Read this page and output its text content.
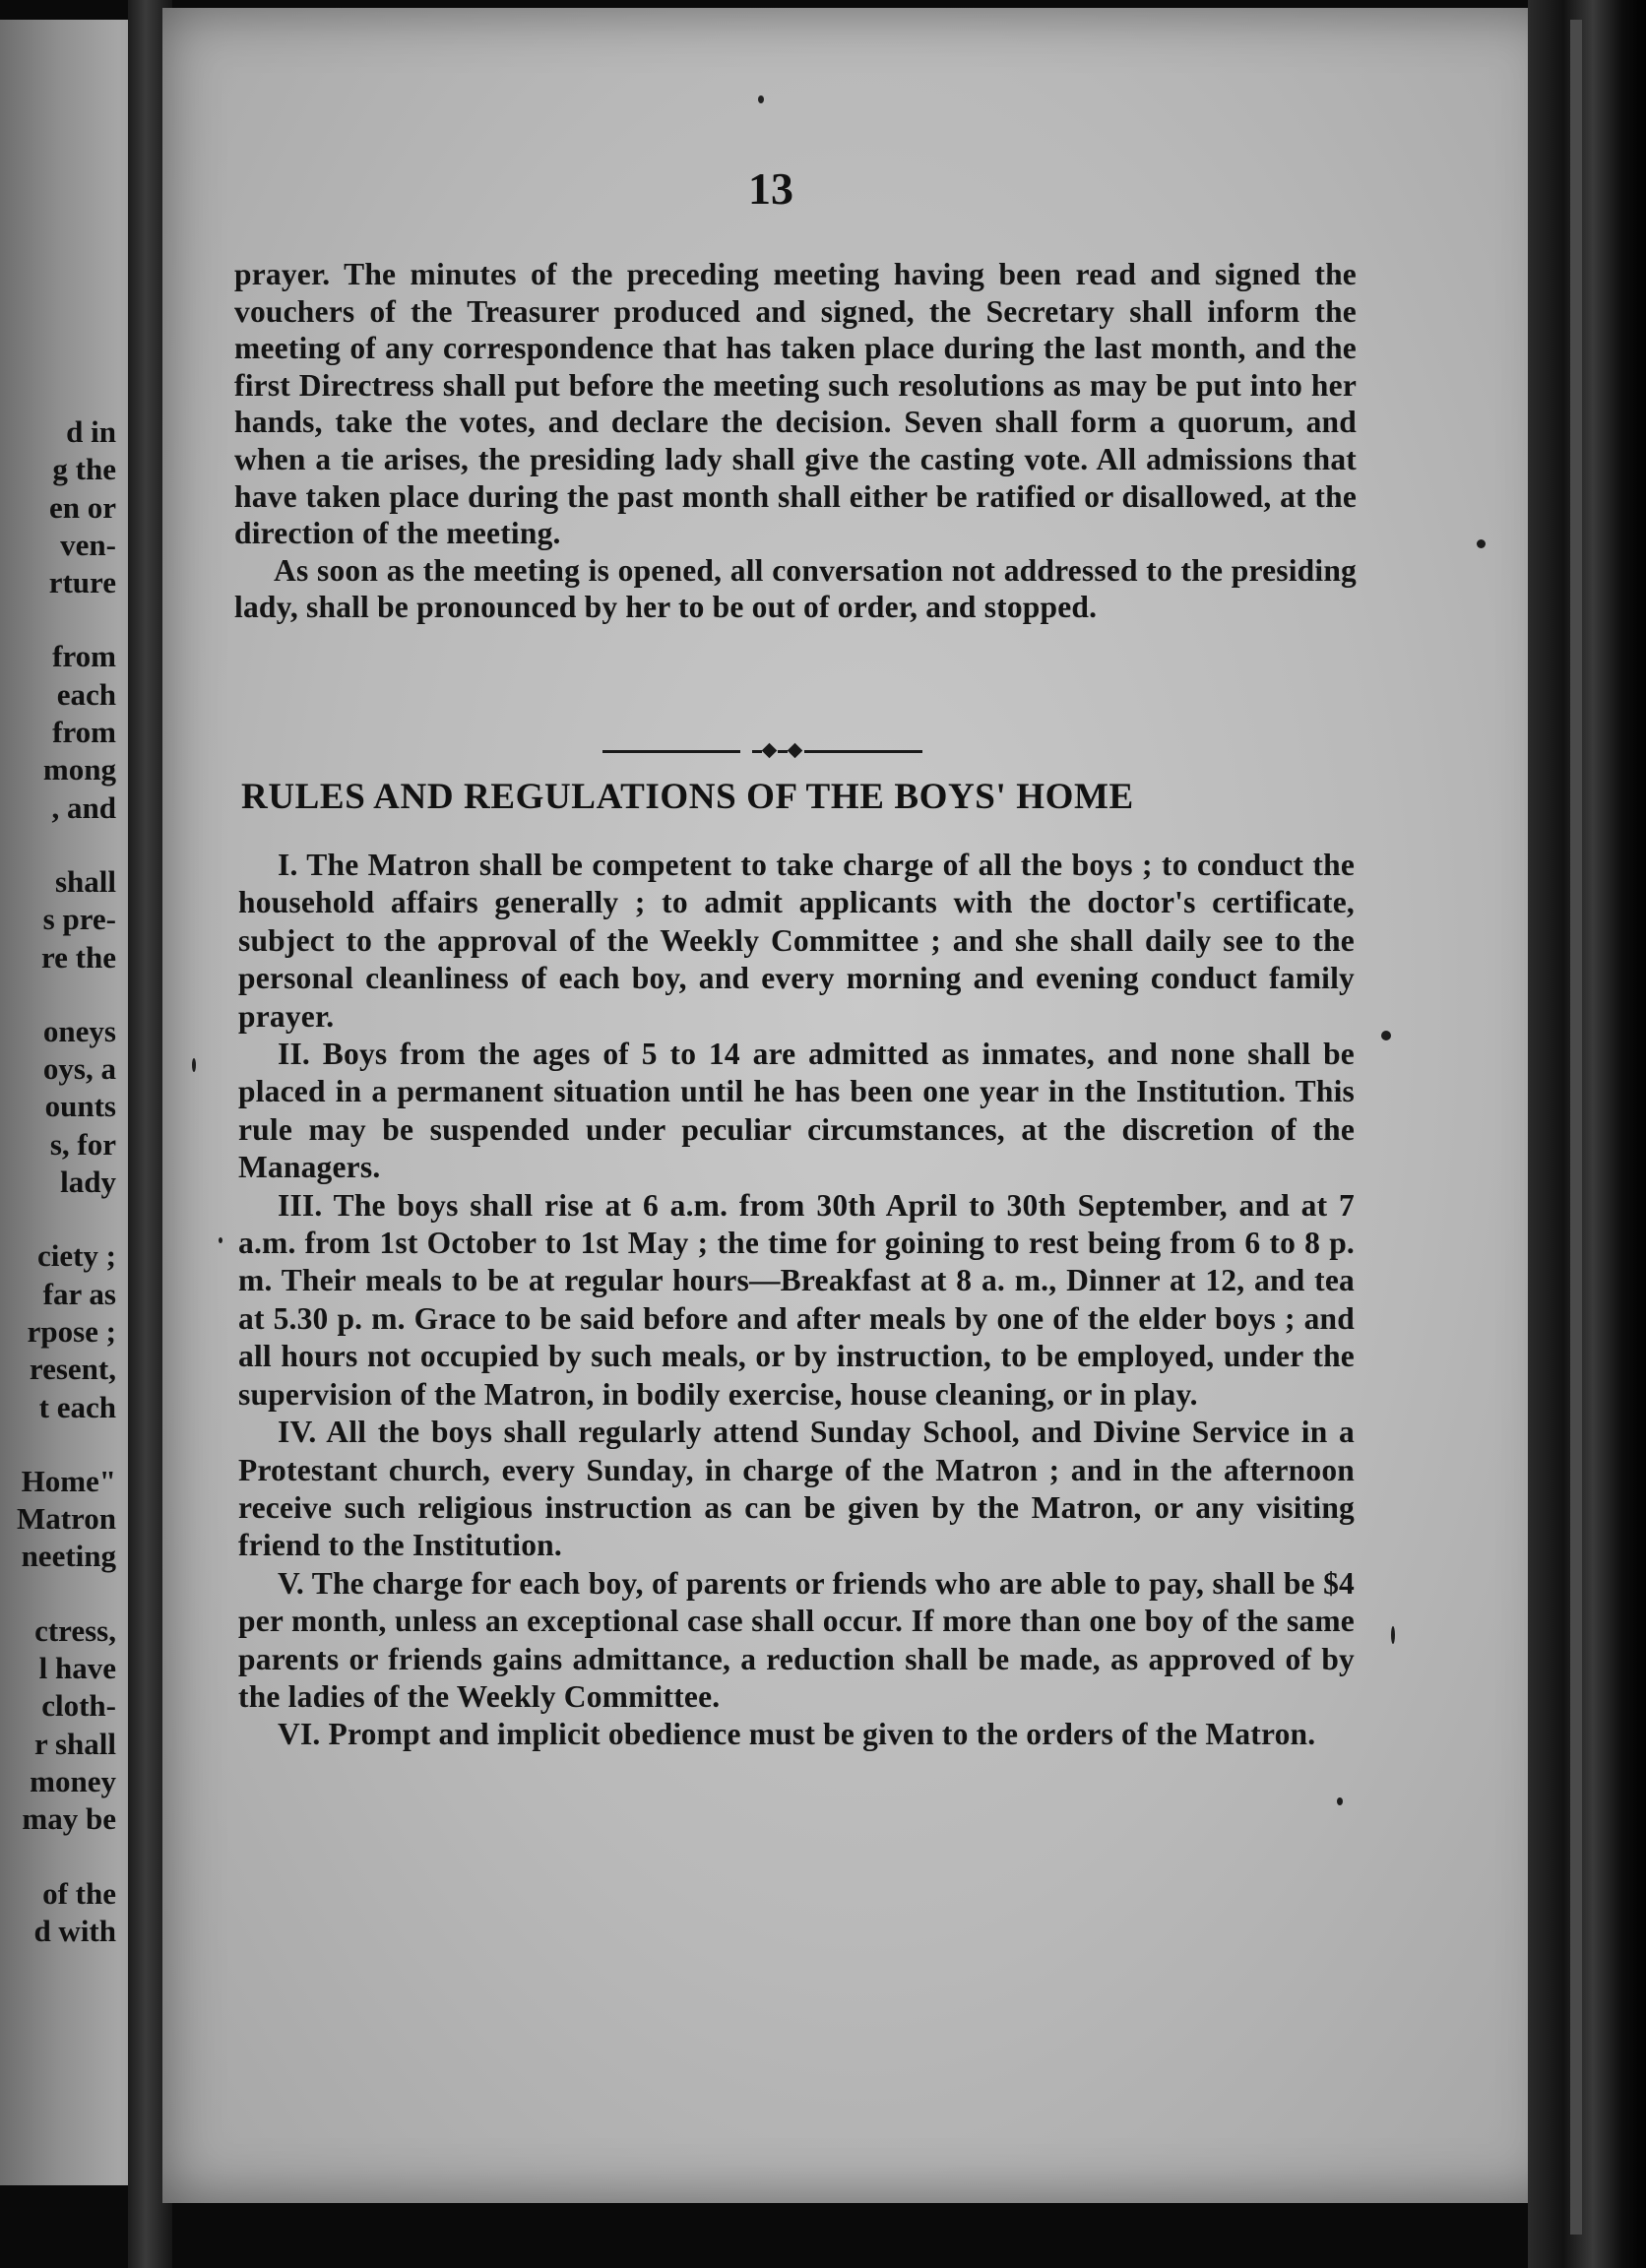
d in
g the
en or
ven-
rture
from
each
from
mong
, and
shall
s pre-
re the
oneys
oys, a
ounts
s, for
lady
ciety ;
far as
rpose ;
resent,
t each
Home"
Matron
neeting
ctress,
l have
cloth-
r shall
money
may be
of the
d with
13

prayer. The minutes of the preceding meeting having been read and signed the vouchers of the Treasurer produced and signed, the Secretary shall inform the meeting of any correspondence that has taken place during the last month, and the first Directress shall put before the meeting such resolutions as may be put into her hands, take the votes, and declare the decision. Seven shall form a quorum, and when a tie arises, the presiding lady shall give the casting vote. All admissions that have taken place during the past month shall either be ratified or disallowed, at the direction of the meeting.

As soon as the meeting is opened, all conversation not addressed to the presiding lady, shall be pronounced by her to be out of order, and stopped.

RULES AND REGULATIONS OF THE BOYS' HOME

I. The Matron shall be competent to take charge of all the boys ; to conduct the household affairs generally ; to admit applicants with the doctor's certificate, subject to the approval of the Weekly Committee ; and she shall daily see to the personal cleanliness of each boy, and every morning and evening conduct family prayer.

II. Boys from the ages of 5 to 14 are admitted as inmates, and none shall be placed in a permanent situation until he has been one year in the Institution. This rule may be suspended under peculiar circumstances, at the discretion of the Managers.

III. The boys shall rise at 6 a.m. from 30th April to 30th September, and at 7 a.m. from 1st October to 1st May ; the time for goining to rest being from 6 to 8 p. m. Their meals to be at regular hours—Breakfast at 8 a. m., Dinner at 12, and tea at 5.30 p. m. Grace to be said before and after meals by one of the elder boys ; and all hours not occupied by such meals, or by instruction, to be employed, under the supervision of the Matron, in bodily exercise, house cleaning, or in play.

IV. All the boys shall regularly attend Sunday School, and Divine Service in a Protestant church, every Sunday, in charge of the Matron ; and in the afternoon receive such religious instruction as can be given by the Matron, or any visiting friend to the Institution.

V. The charge for each boy, of parents or friends who are able to pay, shall be $4 per month, unless an exceptional case shall occur. If more than one boy of the same parents or friends gains admittance, a reduction shall be made, as approved of by the ladies of the Weekly Committee.

VI. Prompt and implicit obedience must be given to the orders of the Matron.
